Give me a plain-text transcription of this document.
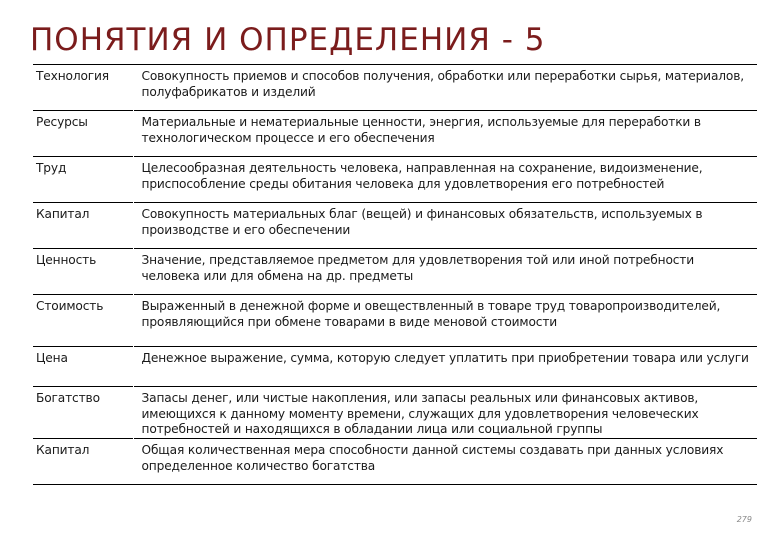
ПОНЯТИЯ И ОПРЕДЕЛЕНИЯ - 5
Технология	Совокупность приемов и способов получения, обработки или переработки сырья, материалов, полуфабрикатов и изделий
Ресурсы	Материальные и нематериальные ценности, энергия, используемые для переработки в технологическом процессе и его обеспечения
Труд	Целесообразная деятельность человека, направленная на сохранение, видоизменение, приспособление среды обитания человека для удовлетворения его потребностей
Капитал	Совокупность материальных благ (вещей) и финансовых обязательств, используемых в производстве и его обеспечении
Ценность	Значение, представляемое предметом для удовлетворения той или иной потребности человека или для обмена на др. предметы
Стоимость	Выраженный в денежной форме и овеществленный в товаре труд товаропроизводителей, проявляющийся при обмене товарами в виде меновой стоимости
Цена	Денежное выражение, сумма, которую следует уплатить при приобретении товара или услуги
Богатство	Запасы денег, или чистые накопления, или запасы реальных или финансовых активов, имеющихся к данному моменту времени, служащих для удовлетворения человеческих потребностей и находящихся в обладании лица или социальной группы
Капитал	Общая количественная мера способности данной системы создавать при данных условиях определенное количество богатства
279
